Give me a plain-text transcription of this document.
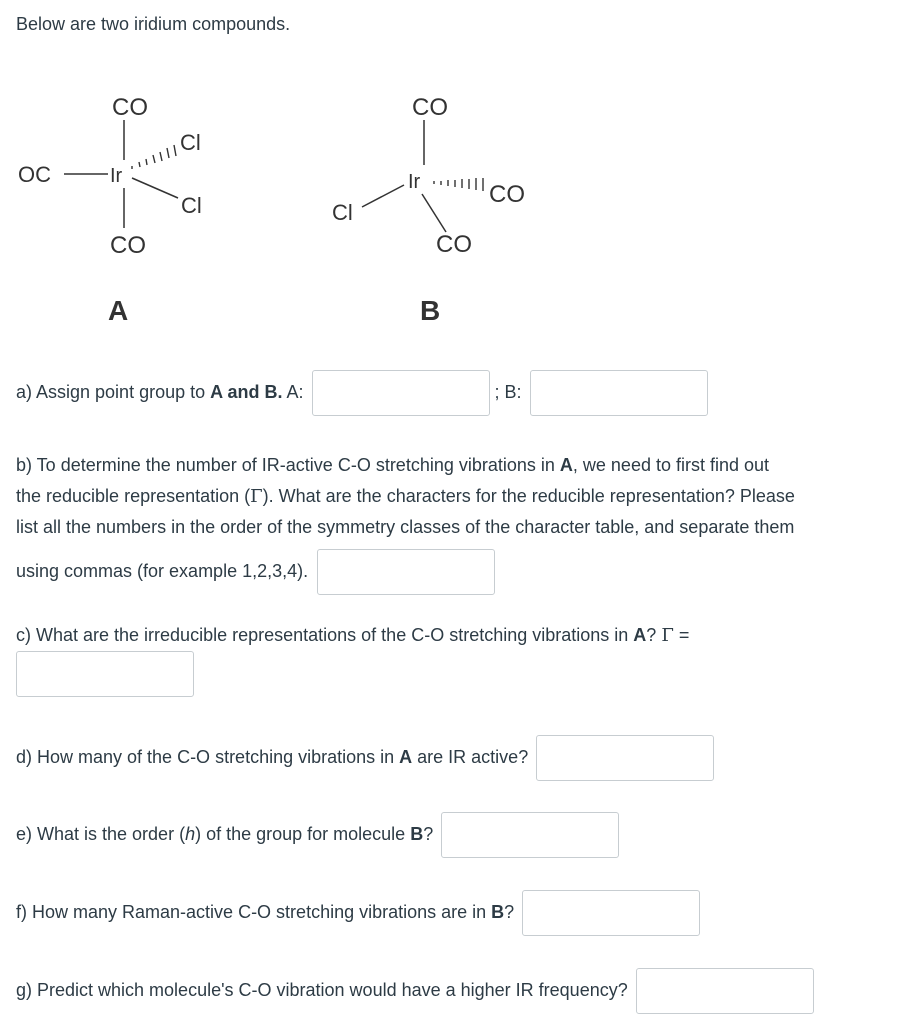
Below are two iridium compounds.
CO
OC	Ir
Cl
Cl
CO
A
CO
Ir
Cl
CO
CO
B
a) Assign point group to A and B. A:	; B:
b) To determine the number of IR-active C-O stretching vibrations in A, we need to first find out
the reducible representation (Γ). What are the characters for the reducible representation? Please
list all the numbers in the order of the symmetry classes of the character table, and separate them
using commas (for example 1,2,3,4).
c) What are the irreducible representations of the C-O stretching vibrations in A? Γ =
d) How many of the C-O stretching vibrations in A are IR active?
e) What is the order (h) of the group for molecule B?
f) How many Raman-active C-O stretching vibrations are in B?
g) Predict which molecule's C-O vibration would have a higher IR frequency?
